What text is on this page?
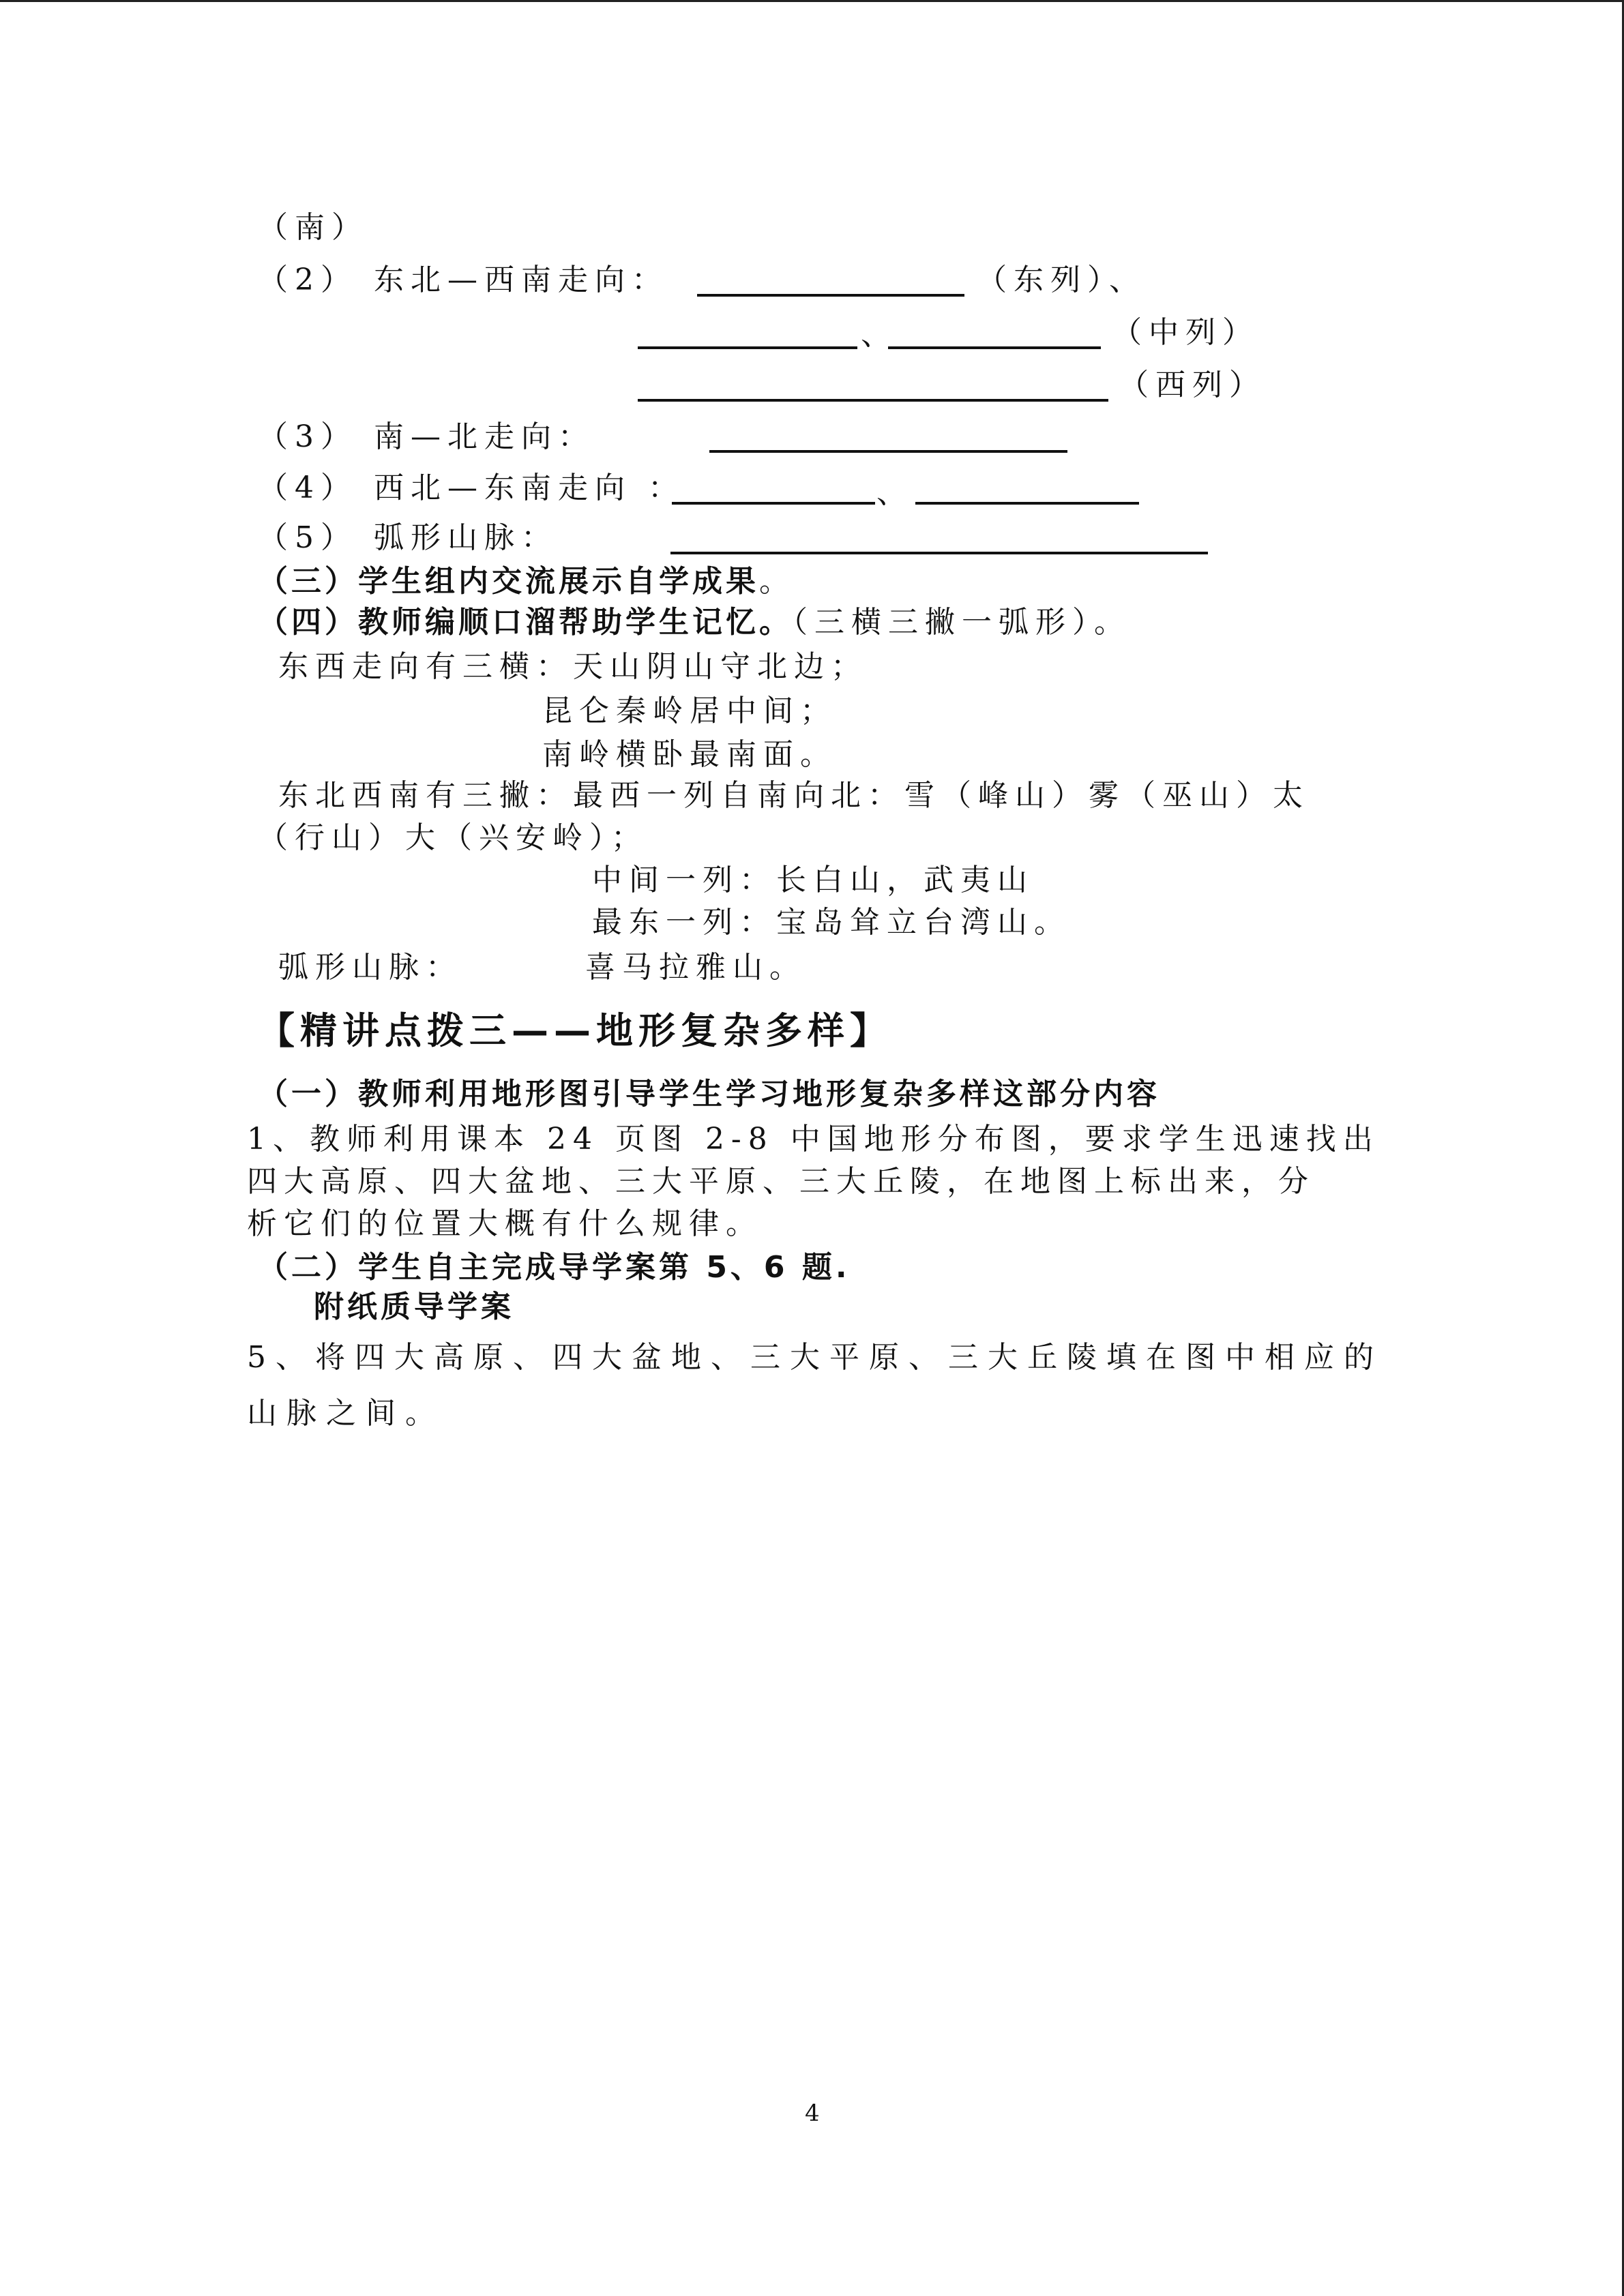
（南）
（2） 东北—西南走向：	（东列）、
、	（中列）
（西列）
（3） 南—北走向：
（4） 西北—东南走向 ：	、
（5） 弧形山脉：
（三）学生组内交流展示自学成果。
（四）教师编顺口溜帮助学生记忆。（三横三撇一弧形）。
东西走向有三横：天山阴山守北边；
昆仑秦岭居中间；
南岭横卧最南面。
东北西南有三撇：最西一列自南向北：雪（峰山）雾（巫山）太
（行山）大（兴安岭）；
中间一列：长白山，武夷山
最东一列：宝岛耸立台湾山。
弧形山脉：	喜马拉雅山。
【精讲点拨三——地形复杂多样】
（一）教师利用地形图引导学生学习地形复杂多样这部分内容
1、教师利用课本 24 页图 2-8 中国地形分布图，要求学生迅速找出
四大高原、四大盆地、三大平原、三大丘陵，在地图上标出来，分
析它们的位置大概有什么规律。
（二）学生自主完成导学案第 5、6 题.
附纸质导学案
5、将四大高原、四大盆地、三大平原、三大丘陵填在图中相应的
山脉之间。
4
